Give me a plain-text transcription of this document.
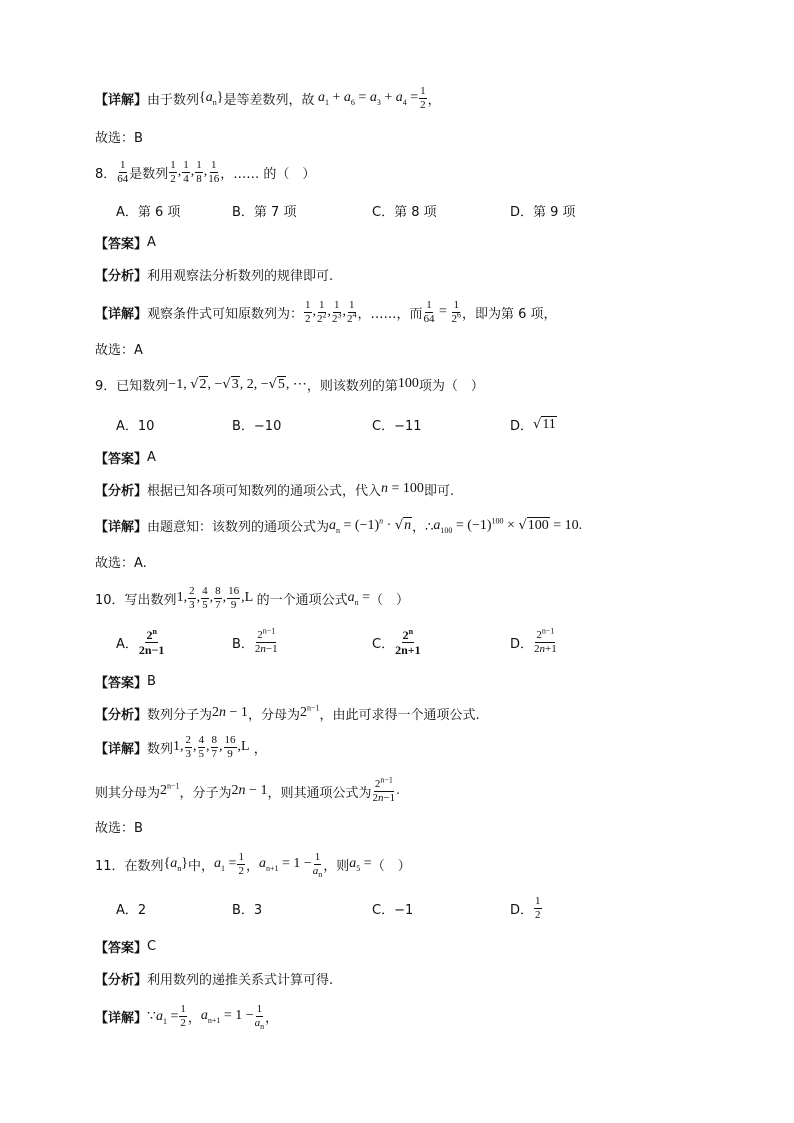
【详解】 由于数列 $\{a_n\}$ 是等差数列，故 $a_1 + a_6 = a_3 + a_4 = \frac{1}{2}$ ，
故选：B
8． $\frac{1}{64}$ 是数列 $\frac{1}{2}$ , $\frac{1}{4}$ , $\frac{1}{8}$ , $\frac{1}{16}$ ，…… 的（　）
A．第 6 项	B．第 7 项	C．第 8 项	D．第 9 项
【答案】 A
【分析】 利用观察法分析数列的规律即可.
【详解】 观察条件式可知原数列为： $\frac{1}{2}$ , $\frac{1}{2^2}$ , $\frac{1}{2^3}$ , $\frac{1}{2^4}$ ，……，而 $\frac{1}{64} = \frac{1}{2^6}$ ，即为第 6 项，
故选：A
9． 已知数列 −1, √2, −√3, 2, −√5, ⋯ ，则该数列的第 100 项为（　）
A．10	B．−10	C．−11	D． √11
【答案】 A
【分析】 根据已知各项可知数列的通项公式，代入 n = 100 即可.
【详解】 由题意知：该数列的通项公式为 $a_n = (-1)^n \cdot √n$ ，∴ $a_{100} = (-1)^{100} \times √100 = 10$.
故选：A.
10． 写出数列 1, $\frac{2}{3}$ , $\frac{4}{5}$ , $\frac{8}{7}$ , $\frac{16}{9} ,L$ 的一个通项公式 $a_n$ = （　）
A． $\frac{2^n}{2n-1}$	B． $\frac{2^{n-1}}{2n-1}$	C． $\frac{2^n}{2n+1}$	D． $\frac{2^{n-1}}{2n+1}$
【答案】 B
【分析】 数列分子为 2n − 1 ，分母为 $2^{n-1}$ ，由此可求得一个通项公式.
【详解】 数列 1, $\frac{2}{3}$ , $\frac{4}{5}$ , $\frac{8}{7}$ , $\frac{16}{9} ,L$ ，
则其分母为 $2^{n-1}$ ，分子为 2n − 1 ，则其通项公式为 $\frac{2^{n-1}}{2n-1}$ .
故选：B
11． 在数列 $\{a_n\}$ 中， $a_1 = \frac{1}{2}$ ， $a_{n+1} = 1 - \frac{1}{a_n}$ ，则 $a_5$ = （　）
A．2	B．3	C．−1	D． $\frac{1}{2}$
【答案】 C
【分析】 利用数列的递推关系式计算可得.
【详解】 $\because a_1 = \frac{1}{2}$ ， $a_{n+1} = 1 - \frac{1}{a_n}$ ，
